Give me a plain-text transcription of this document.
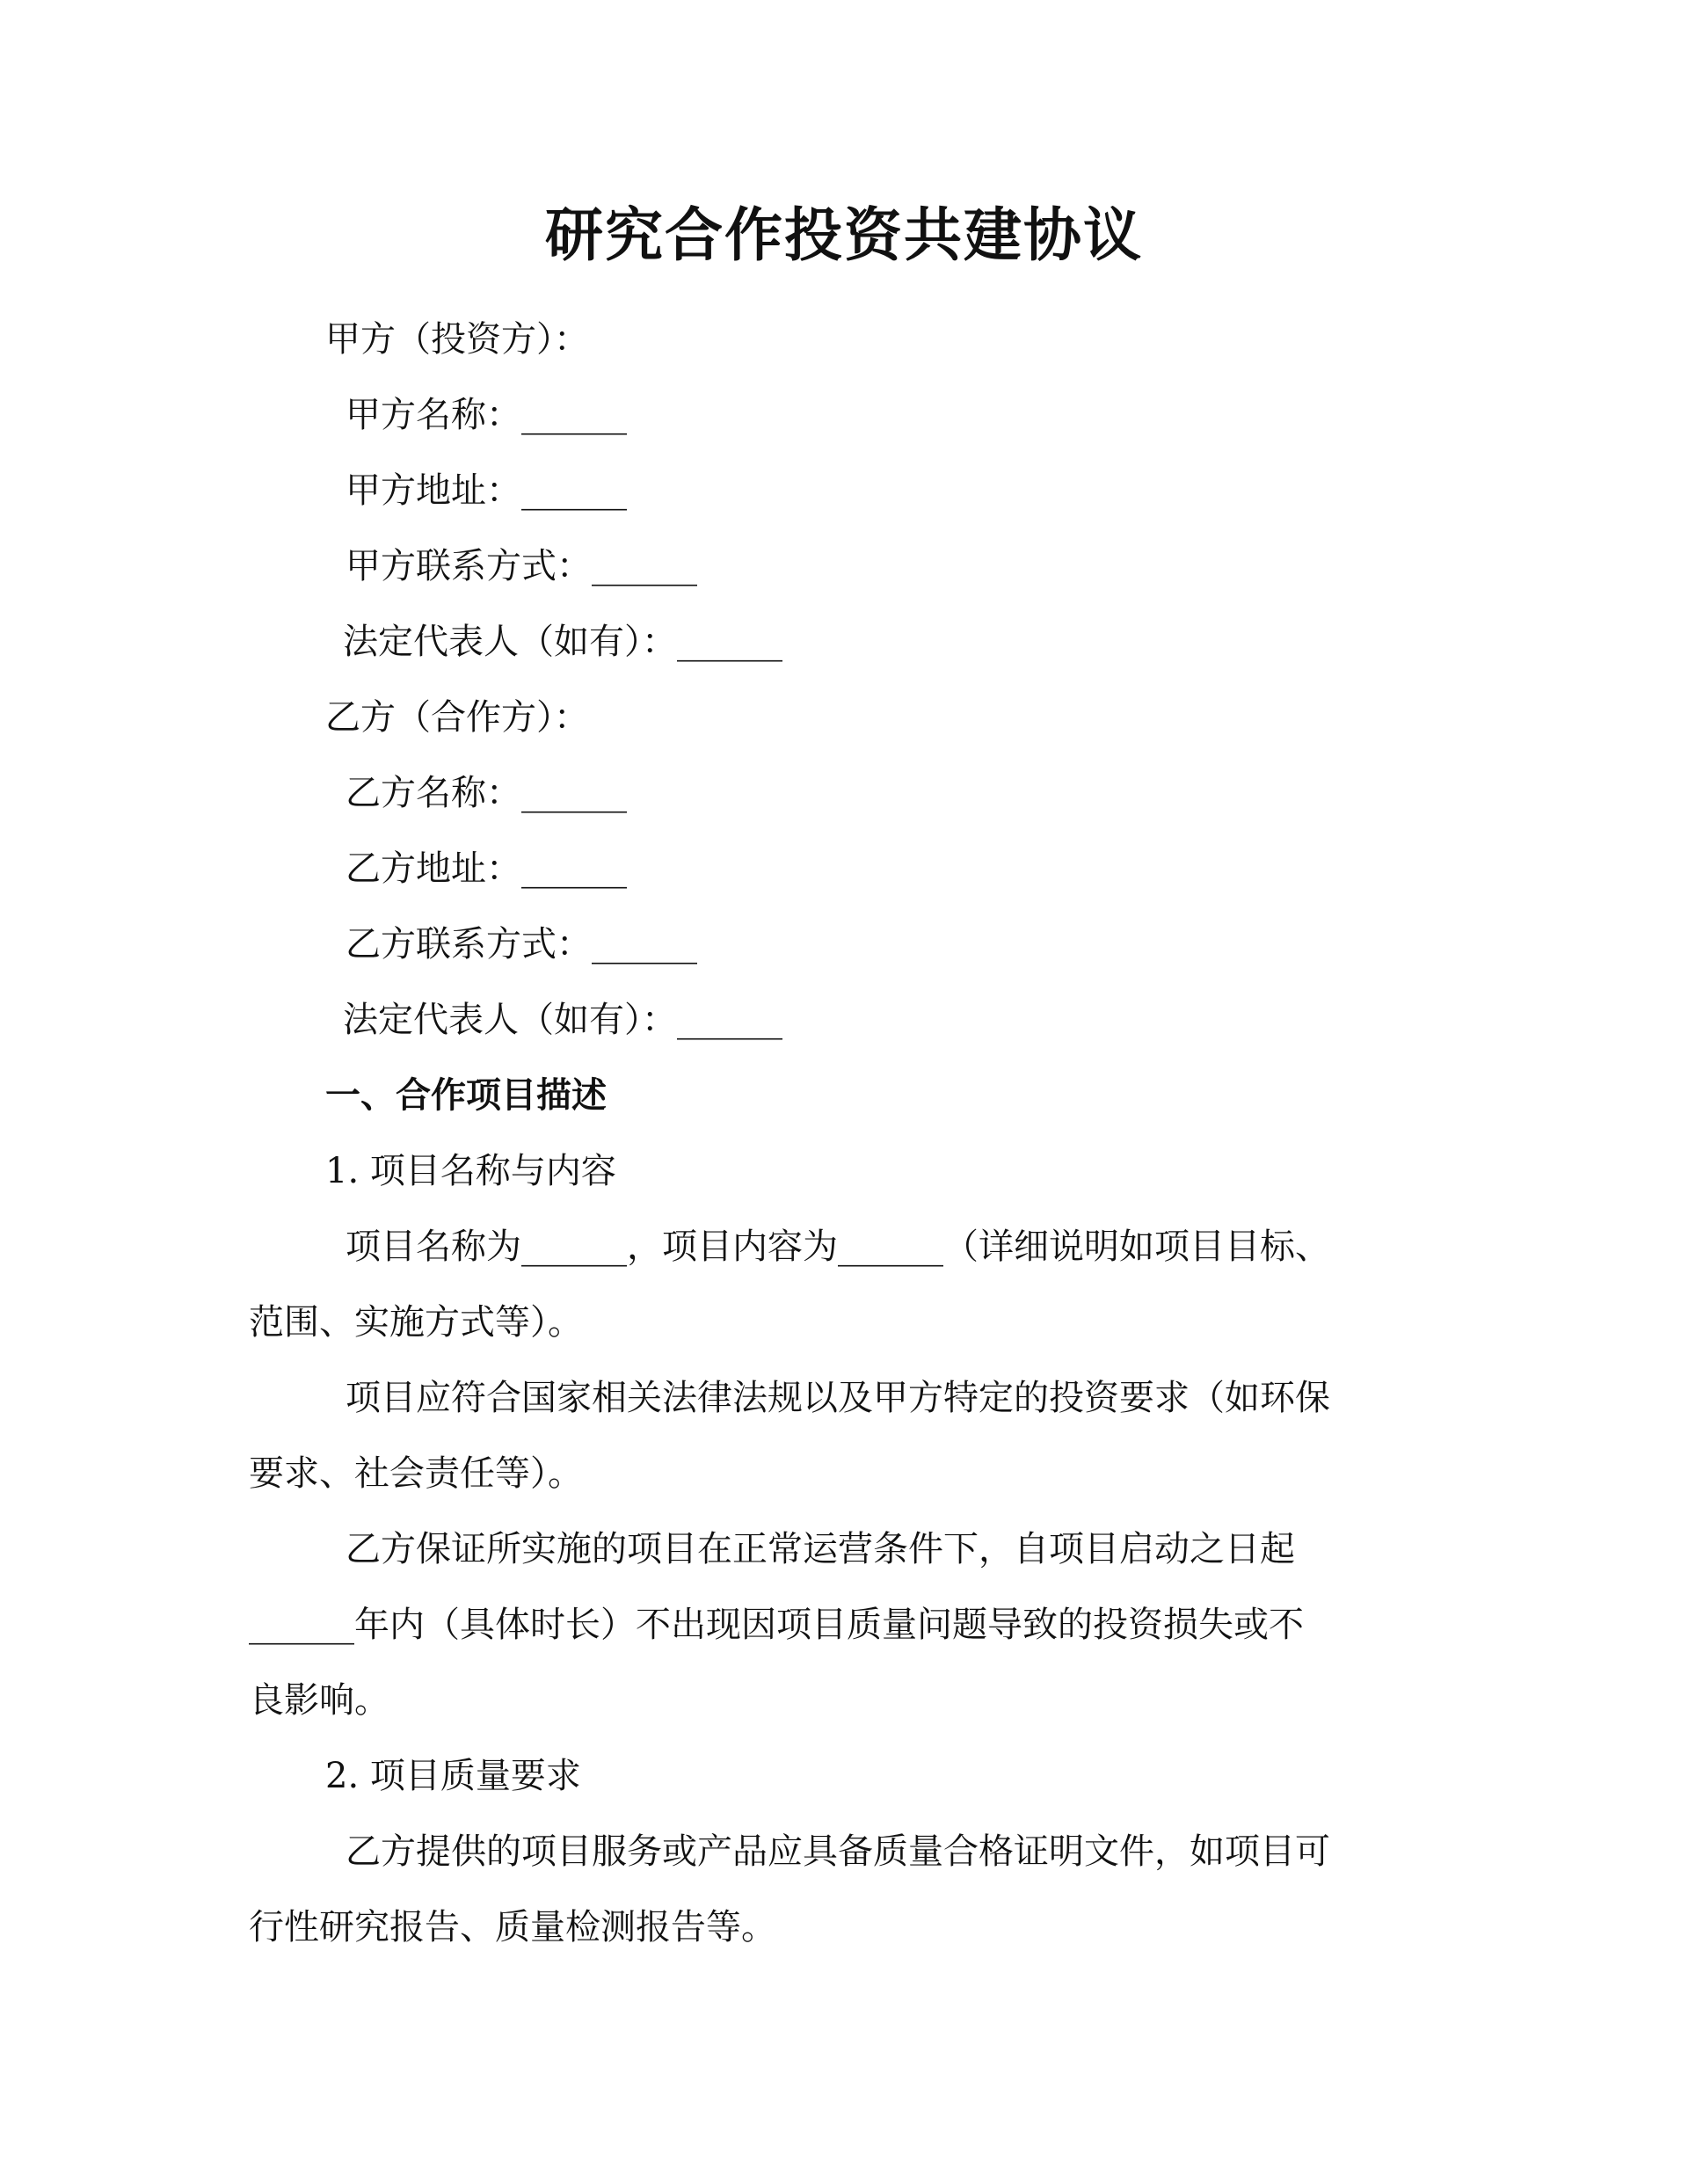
研究合作投资共建协议
甲方（投资方）：
甲方名称：______
甲方地址：______
甲方联系方式：______
法定代表人（如有）：______
乙方（合作方）：
乙方名称：______
乙方地址：______
乙方联系方式：______
法定代表人（如有）：______
一、合作项目描述
1. 项目名称与内容
项目名称为______，项目内容为______（详细说明如项目目标、
范围、实施方式等）。
项目应符合国家相关法律法规以及甲方特定的投资要求（如环保
要求、社会责任等）。
乙方保证所实施的项目在正常运营条件下，自项目启动之日起
______年内（具体时长）不出现因项目质量问题导致的投资损失或不
良影响。
2. 项目质量要求
乙方提供的项目服务或产品应具备质量合格证明文件，如项目可
行性研究报告、质量检测报告等。
